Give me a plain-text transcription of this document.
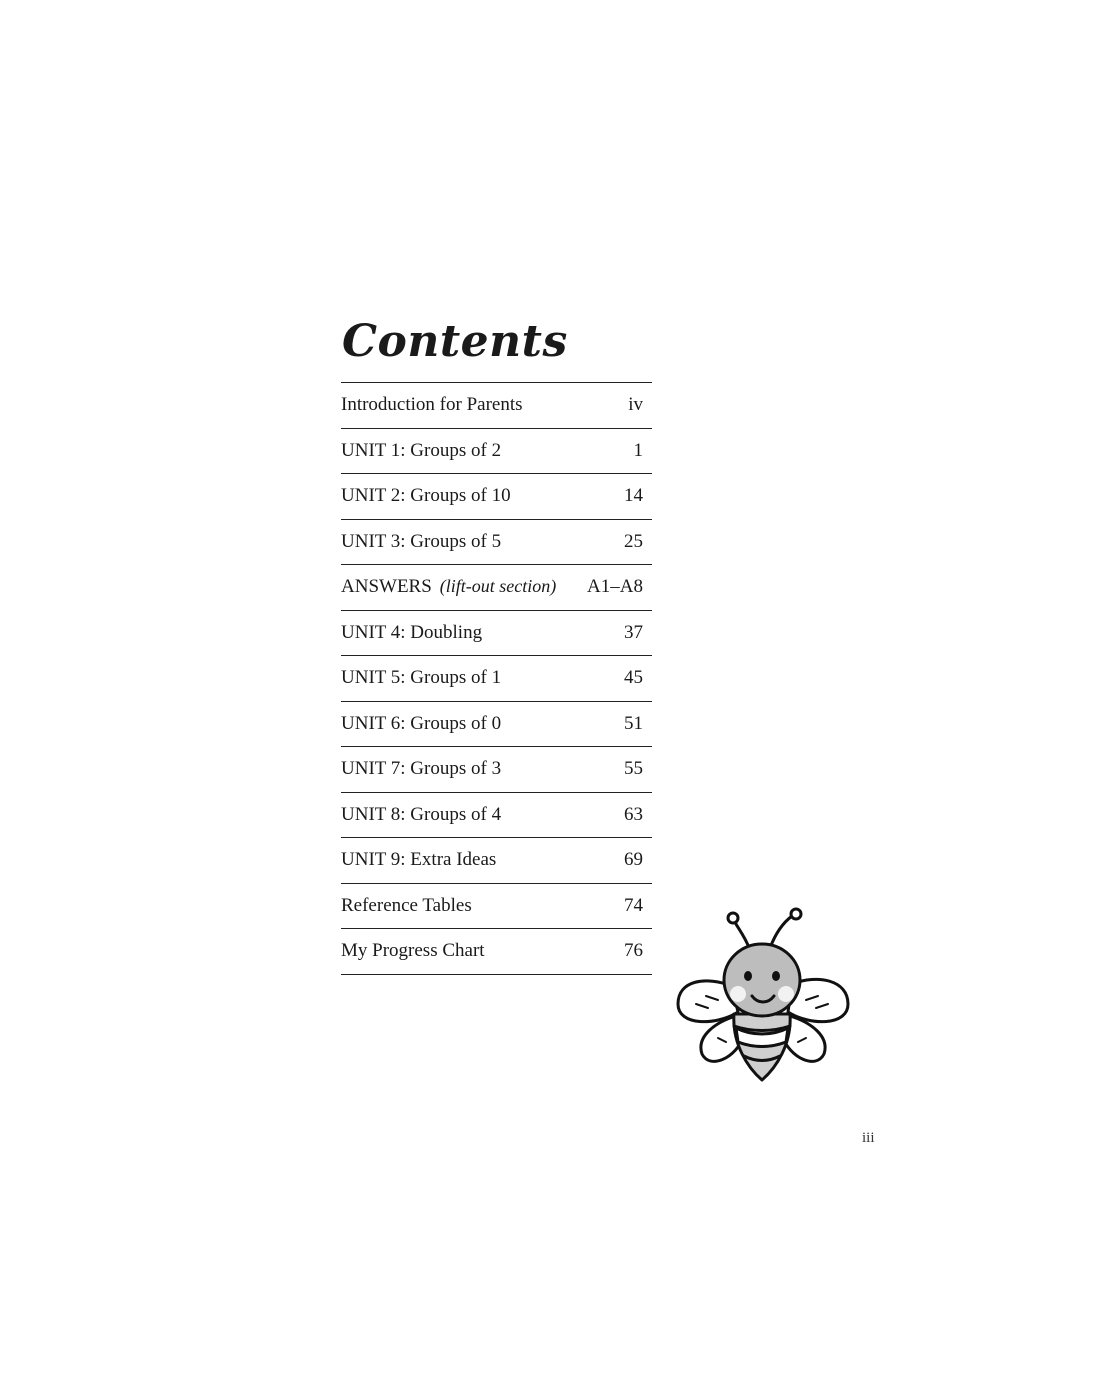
Contents
Introduction for Parents	iv
UNIT 1: Groups of 2	1
UNIT 2: Groups of 10	14
UNIT 3: Groups of 5	25
ANSWERS (lift-out section) A1–A8
UNIT 4: Doubling	37
UNIT 5: Groups of 1	45
UNIT 6: Groups of 0	51
UNIT 7: Groups of 3	55
UNIT 8: Groups of 4	63
UNIT 9: Extra Ideas	69
Reference Tables	74
My Progress Chart	76
iii
